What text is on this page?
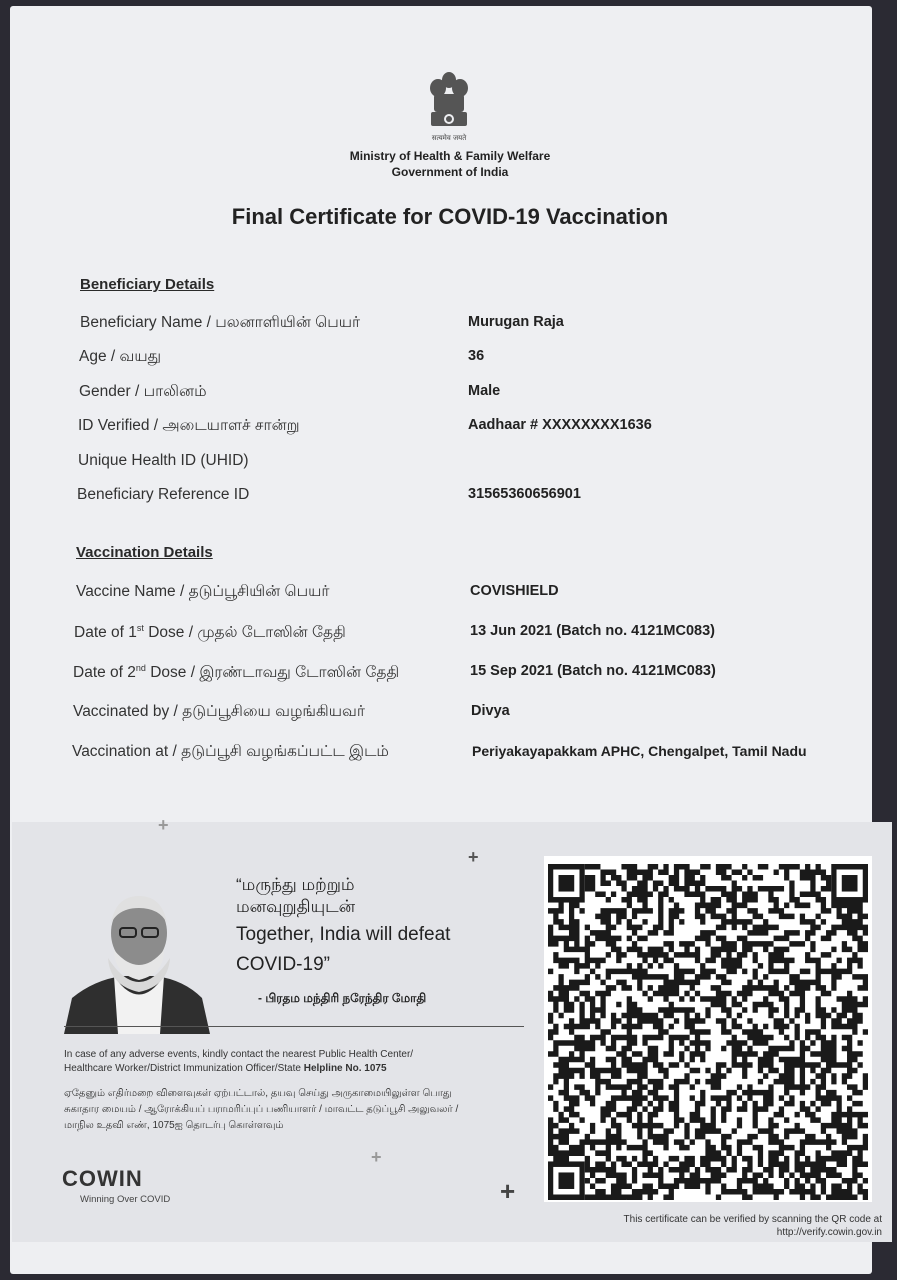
सत्यमेव जयते
Ministry of Health & Family Welfare
Government of India
Final Certificate for COVID-19 Vaccination
Beneficiary Details
Beneficiary Name / பலனாளியின் பெயர்	Murugan Raja
Age / வயது	36
Gender / பாலினம்	Male
ID Verified / அடையாளச் சான்று	Aadhaar # XXXXXXXX1636
Unique Health ID (UHID)
Beneficiary Reference ID	31565360656901
Vaccination Details
Vaccine Name / தடுப்பூசியின் பெயர்	COVISHIELD
Date of 1st Dose / முதல் டோஸின் தேதி	13 Jun 2021 (Batch no. 4121MC083)
Date of 2nd Dose / இரண்டாவது டோஸின் தேதி	15 Sep 2021 (Batch no. 4121MC083)
Vaccinated by / தடுப்பூசியை வழங்கியவர்	Divya
Vaccination at / தடுப்பூசி வழங்கப்பட்ட இடம்	Periyakayapakkam APHC, Chengalpet, Tamil Nadu
+
+
+
+
“மருந்து மற்றும்
மனவுறுதியுடன்
Together, India will defeat COVID-19”
- பிரதம மந்திரி நரேந்திர மோதி
In case of any adverse events, kindly contact the nearest Public Health Center/
Healthcare Worker/District Immunization Officer/State Helpline No. 1075
ஏதேனும் எதிர்மறை விளைவுகள் ஏற்பட்டால், தயவு செய்து அருகாமையிலுள்ள பொது
சுகாதார மையம் / ஆரோக்கியப் பராமரிப்புப் பணியாளர் / மாவட்ட தடுப்பூசி அலுவலர் /
மாநில உதவி எண், 1075ஐ தொடர்பு கொள்ளவும்
COWIN
Winning Over COVID
This certificate can be verified by scanning the QR code at
http://verify.cowin.gov.in
